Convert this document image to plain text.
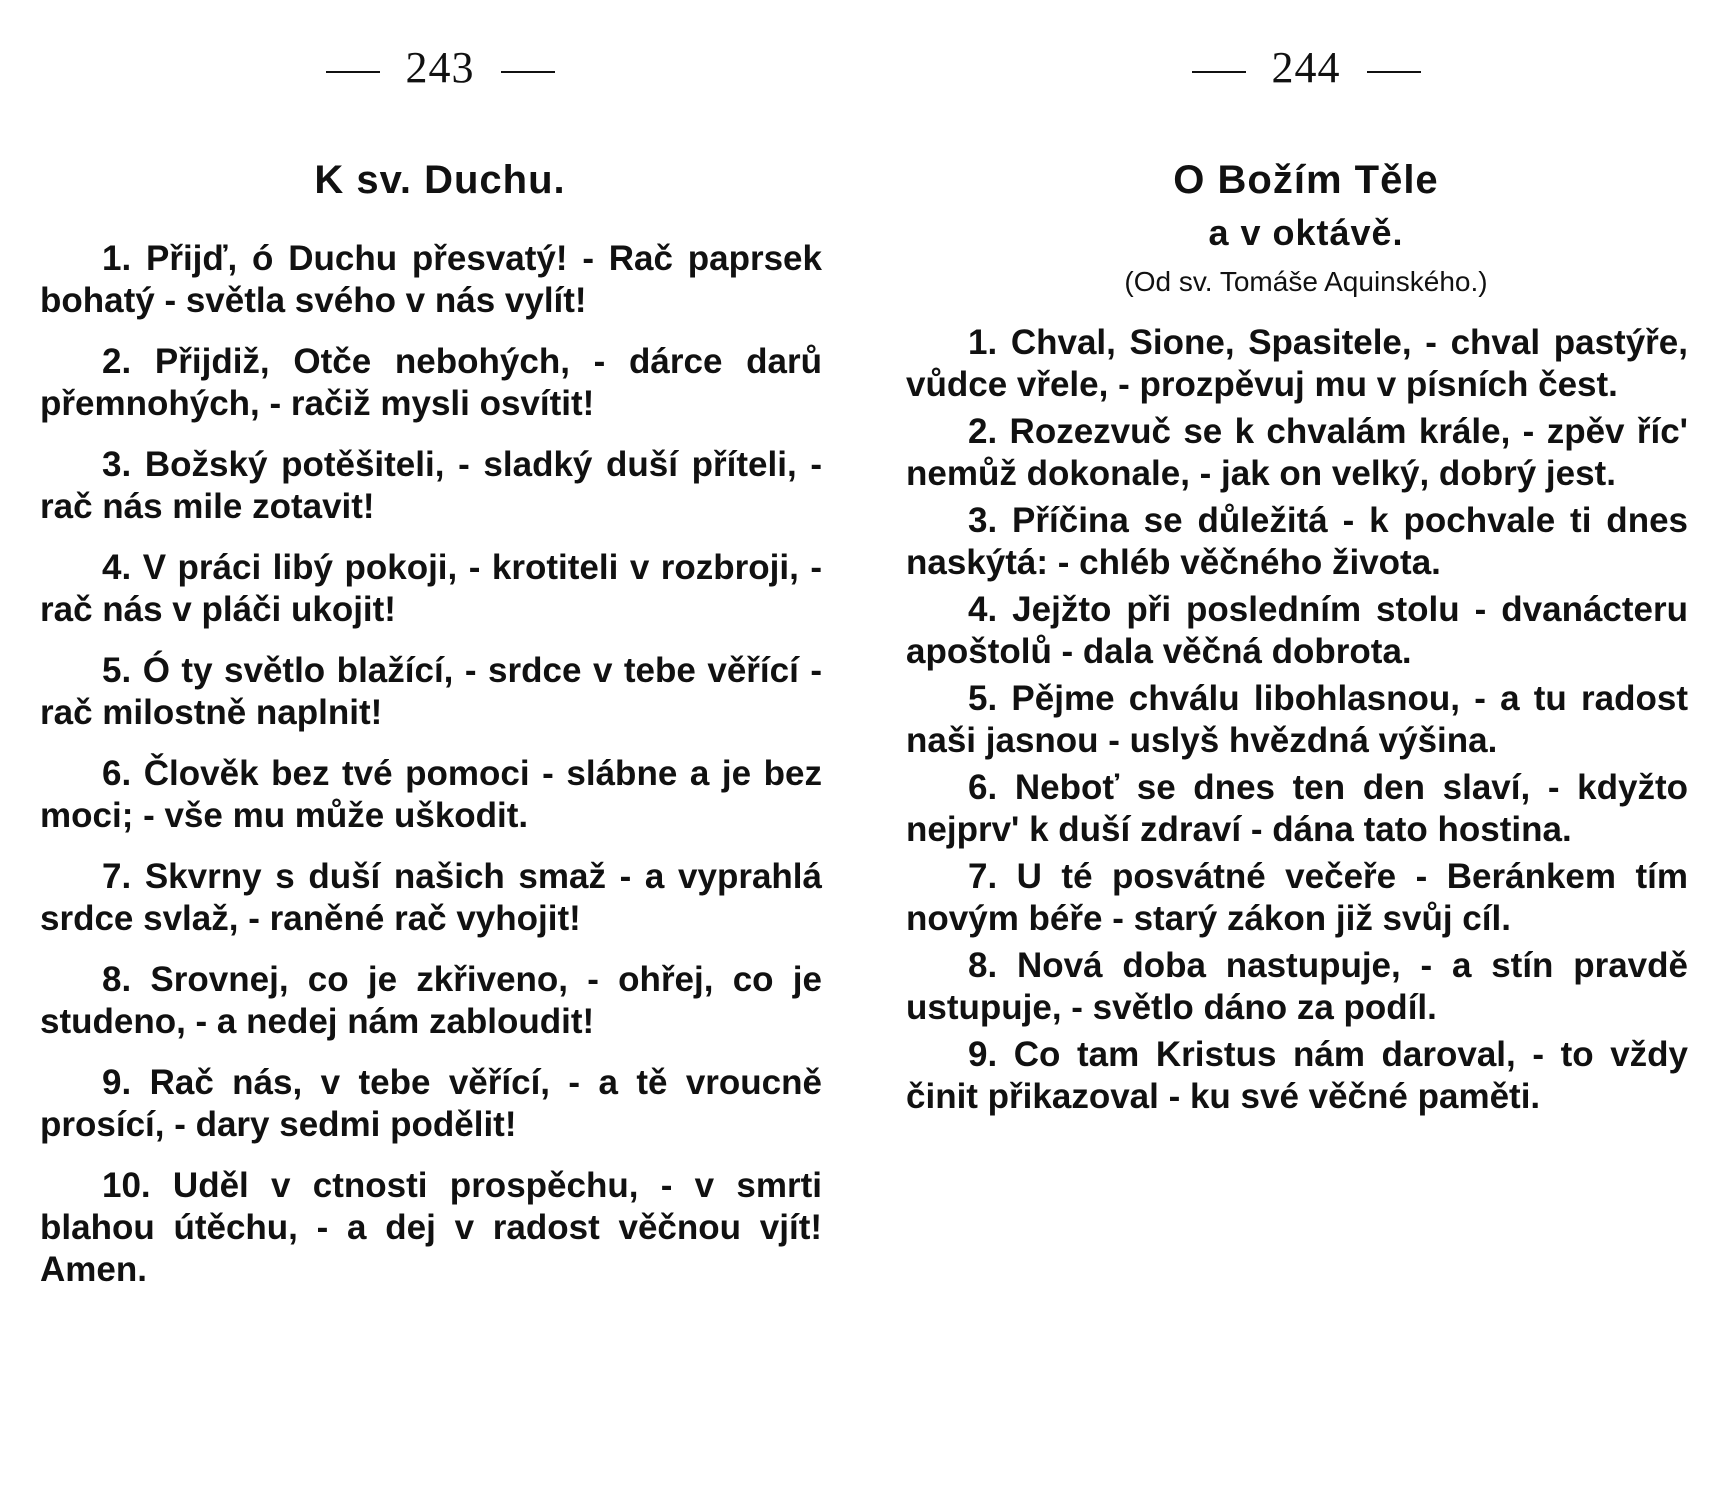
243
K sv. Duchu.

1. Přijď, ó Duchu přesvatý! - Rač paprsek bohatý - světla svého v nás vylít!

2. Přijdiž, Otče nebohých, - dárce darů přemnohých, - račiž mysli osvítit!

3. Božský potěšiteli, - sladký duší příteli, - rač nás mile zotavit!

4. V práci libý pokoji, - krotiteli v rozbroji, - rač nás v pláči ukojit!

5. Ó ty světlo blažící, - srdce v tebe věřící - rač milostně naplnit!

6. Člověk bez tvé pomoci - slábne a je bez moci; - vše mu může uškodit.

7. Skvrny s duší našich smaž - a vyprahlá srdce svlaž, - raněné rač vyhojit!

8. Srovnej, co je zkřiveno, - ohřej, co je studeno, - a nedej nám zabloudit!

9. Rač nás, v tebe věřící, - a tě vroucně prosící, - dary sedmi podělit!

10. Uděl v ctnosti prospěchu, - v smrti blahou útěchu, - a dej v radost věčnou vjít! Amen.

244
O Božím Těle
a v oktávě.
(Od sv. Tomáše Aquinského.)

1. Chval, Sione, Spasitele, - chval pastýře, vůdce vřele, - prozpěvuj mu v písních čest.

2. Rozezvuč se k chvalám krále, - zpěv říc' nemůž dokonale, - jak on velký, dobrý jest.

3. Příčina se důležitá - k pochvale ti dnes naskýtá: - chléb věčného života.

4. Jejžto při posledním stolu - dvanácteru apoštolů - dala věčná dobrota.

5. Pějme chválu libohlasnou, - a tu radost naši jasnou - uslyš hvězdná výšina.

6. Neboť se dnes ten den slaví, - kdyžto nejprv' k duší zdraví - dána tato hostina.

7. U té posvátné večeře - Beránkem tím novým béře - starý zákon již svůj cíl.

8. Nová doba nastupuje, - a stín pravdě ustupuje, - světlo dáno za podíl.

9. Co tam Kristus nám daroval, - to vždy činit přikazoval - ku své věčné paměti.
